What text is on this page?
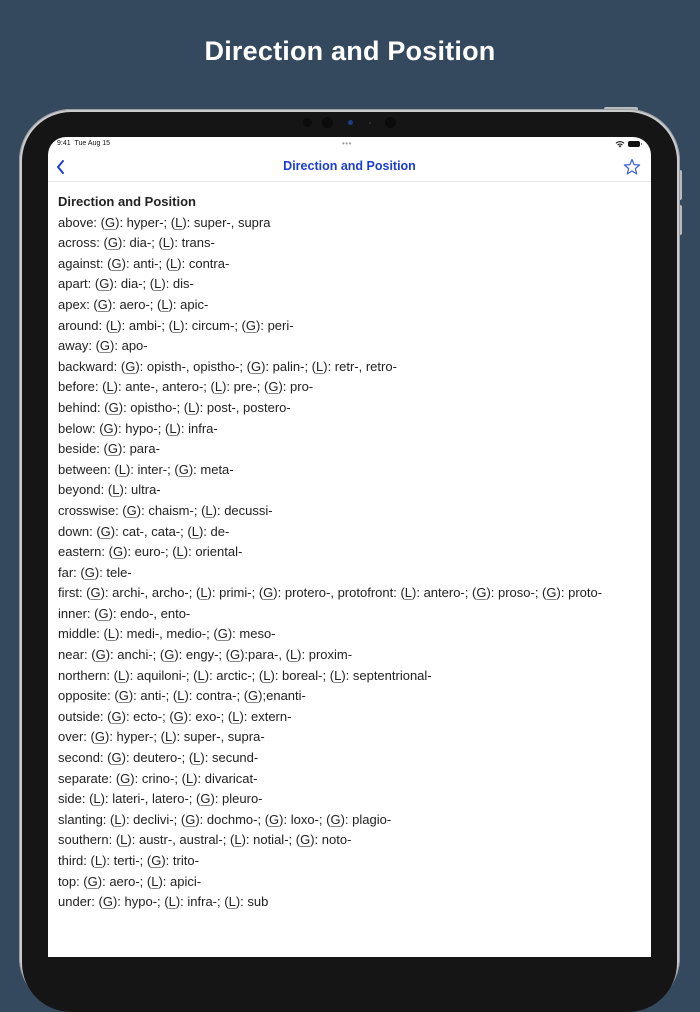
Direction and Position
9:41 Tue Aug 15	•••
Direction and Position
Direction and Position
above: (G): hyper-; (L): super-, supra
across: (G): dia-; (L): trans-
against: (G): anti-; (L): contra-
apart: (G): dia-; (L): dis-
apex: (G): aero-; (L): apic-
around: (L): ambi-; (L): circum-; (G): peri-
away: (G): apo-
backward: (G): opisth-, opistho-; (G): palin-; (L): retr-, retro-
before: (L): ante-, antero-; (L): pre-; (G): pro-
behind: (G): opistho-; (L): post-, postero-
below: (G): hypo-; (L): infra-
beside: (G): para-
between: (L): inter-; (G): meta-
beyond: (L): ultra-
crosswise: (G): chaism-; (L): decussi-
down: (G): cat-, cata-; (L): de-
eastern: (G): euro-; (L): oriental-
far: (G): tele-
first: (G): archi-, archo-; (L): primi-; (G): protero-, protofront: (L): antero-; (G): proso-; (G): proto-
inner: (G): endo-, ento-
middle: (L): medi-, medio-; (G): meso-
near: (G): anchi-; (G): engy-; (G):para-, (L): proxim-
northern: (L): aquiloni-; (L): arctic-; (L): boreal-; (L): septentrional-
opposite: (G): anti-; (L): contra-; (G);enanti-
outside: (G): ecto-; (G): exo-; (L): extern-
over: (G): hyper-; (L): super-, supra-
second: (G): deutero-; (L): secund-
separate: (G): crino-; (L): divaricat-
side: (L): lateri-, latero-; (G): pleuro-
slanting: (L): declivi-; (G): dochmo-; (G): loxo-; (G): plagio-
southern: (L): austr-, austral-; (L): notial-; (G): noto-
third: (L): terti-; (G): trito-
top: (G): aero-; (L): apici-
under: (G): hypo-; (L): infra-; (L): sub
